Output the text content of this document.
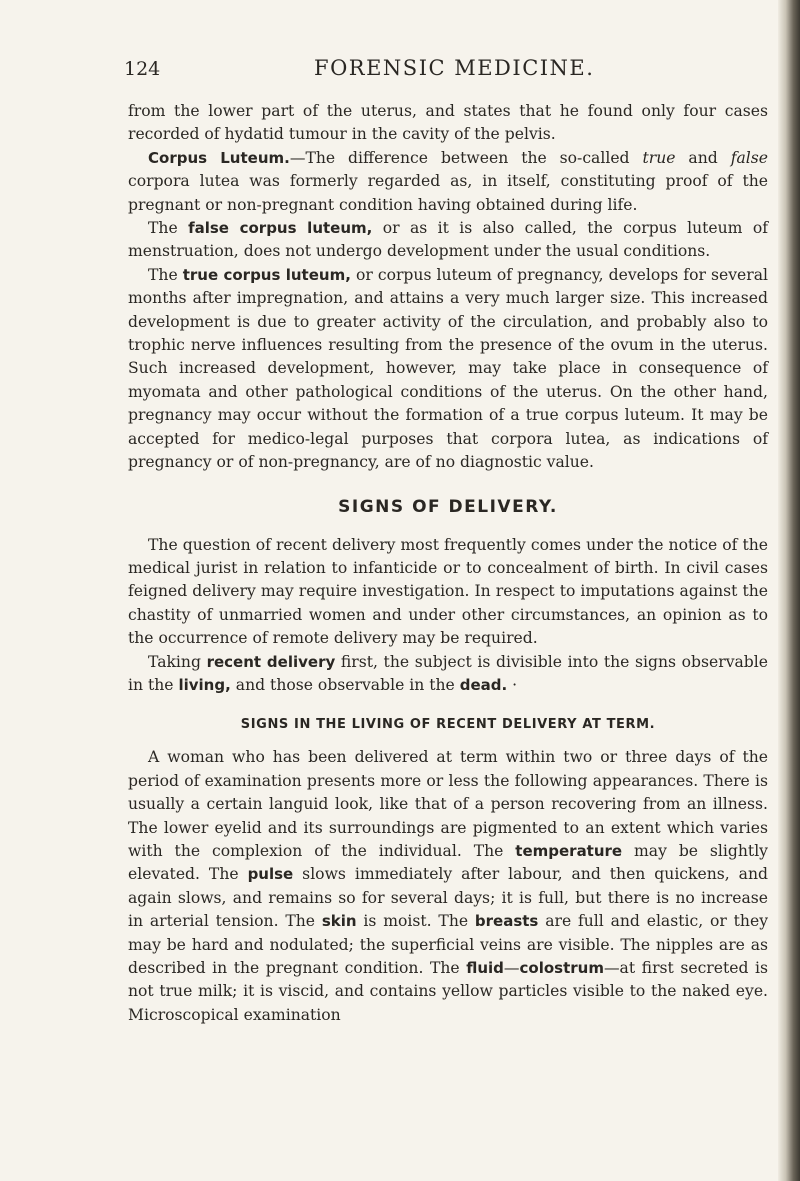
124	FORENSIC MEDICINE.

from the lower part of the uterus, and states that he found only four cases recorded of hydatid tumour in the cavity of the pelvis.

Corpus Luteum.—The difference between the so-called true and false corpora lutea was formerly regarded as, in itself, constituting proof of the pregnant or non-pregnant condition having obtained during life.

The false corpus luteum, or as it is also called, the corpus luteum of menstruation, does not undergo development under the usual conditions.

The true corpus luteum, or corpus luteum of pregnancy, develops for several months after impregnation, and attains a very much larger size. This increased development is due to greater activity of the circulation, and probably also to trophic nerve influences resulting from the presence of the ovum in the uterus. Such increased development, however, may take place in consequence of myomata and other pathological conditions of the uterus. On the other hand, pregnancy may occur without the formation of a true corpus luteum. It may be accepted for medico-legal purposes that corpora lutea, as indications of pregnancy or of non-pregnancy, are of no diagnostic value.

SIGNS OF DELIVERY.

The question of recent delivery most frequently comes under the notice of the medical jurist in relation to infanticide or to concealment of birth. In civil cases feigned delivery may require investigation. In respect to imputations against the chastity of unmarried women and under other circumstances, an opinion as to the occurrence of remote delivery may be required.

Taking recent delivery first, the subject is divisible into the signs observable in the living, and those observable in the dead. ·

SIGNS IN THE LIVING OF RECENT DELIVERY AT TERM.

A woman who has been delivered at term within two or three days of the period of examination presents more or less the following appearances. There is usually a certain languid look, like that of a person recovering from an illness. The lower eyelid and its surroundings are pigmented to an extent which varies with the complexion of the individual. The temperature may be slightly elevated. The pulse slows immediately after labour, and then quickens, and again slows, and remains so for several days; it is full, but there is no increase in arterial tension. The skin is moist. The breasts are full and elastic, or they may be hard and nodulated; the superficial veins are visible. The nipples are as described in the pregnant condition. The fluid—colostrum—at first secreted is not true milk; it is viscid, and contains yellow particles visible to the naked eye. Microscopical examination
